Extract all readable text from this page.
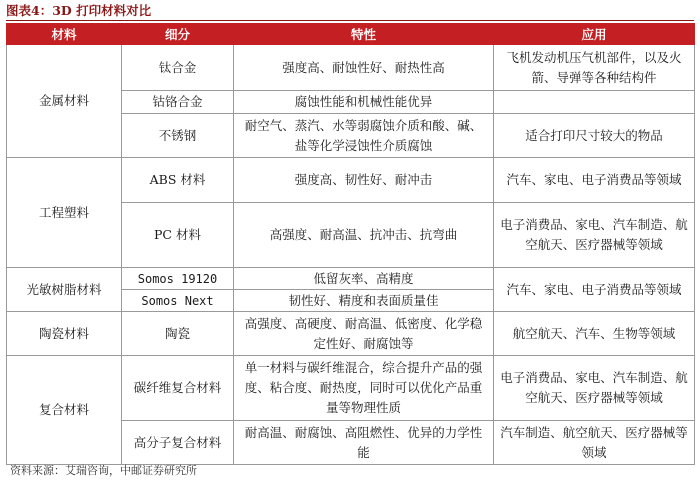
图表4：3D 打印材料对比
材料	细分	特性	应用
金属材料	钛合金	强度高、耐蚀性好、耐热性高	飞机发动机压气机部件，以及火箭、导弹等各种结构件
	钴铬合金	腐蚀性能和机械性能优异	
	不锈钢	耐空气、蒸汽、水等弱腐蚀介质和酸、碱、盐等化学浸蚀性介质腐蚀	适合打印尺寸较大的物品
工程塑料	ABS 材料	强度高、韧性好、耐冲击	汽车、家电、电子消费品等领域
	PC 材料	高强度、耐高温、抗冲击、抗弯曲	电子消费品、家电、汽车制造、航空航天、医疗器械等领域
光敏树脂材料	Somos 19120	低留灰率、高精度	汽车、家电、电子消费品等领域
	Somos Next	韧性好、精度和表面质量佳	
陶瓷材料	陶瓷	高强度、高硬度、耐高温、低密度、化学稳定性好、耐腐蚀等	航空航天、汽车、生物等领域
复合材料	碳纤维复合材料	单一材料与碳纤维混合，综合提升产品的强度、粘合度、耐热度，同时可以优化产品重量等物理性质	电子消费品、家电、汽车制造、航空航天、医疗器械等领域
	高分子复合材料	耐高温、耐腐蚀、高阻燃性、优异的力学性能	汽车制造、航空航天、医疗器械等领域
资料来源：艾瑞咨询，中邮证券研究所
